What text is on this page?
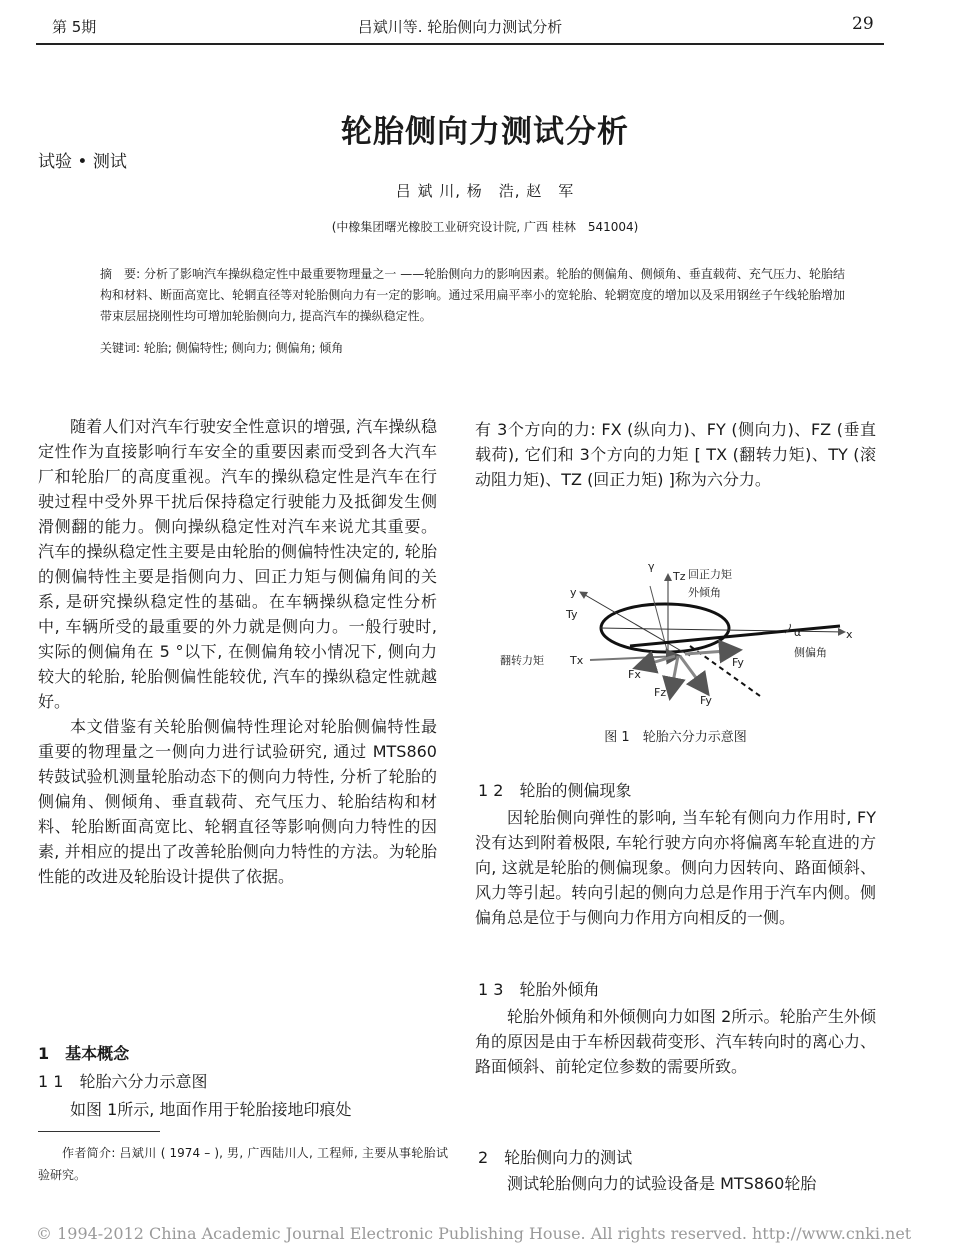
第 5期	吕斌川等. 轮胎侧向力测试分析	29
试验 • 测试
轮胎侧向力测试分析
吕 斌 川, 杨　浩, 赵　军
(中橡集团曙光橡胶工业研究设计院, 广西 桂林　541004)
摘　要: 分析了影响汽车操纵稳定性中最重要物理量之一 ——轮胎侧向力的影响因素。轮胎的侧偏角、侧倾角、垂直载荷、充气压力、轮胎结构和材料、断面高宽比、轮辋直径等对轮胎侧向力有一定的影响。通过采用扁平率小的宽轮胎、轮辋宽度的增加以及采用钢丝子午线轮胎增加带束层屈挠刚性均可增加轮胎侧向力, 提高汽车的操纵稳定性。
关键词: 轮胎; 侧偏特性; 侧向力; 侧偏角; 倾角

随着人们对汽车行驶安全性意识的增强, 汽车操纵稳定性作为直接影响行车安全的重要因素而受到各大汽车厂和轮胎厂的高度重视。汽车的操纵稳定性是汽车在行驶过程中受外界干扰后保持稳定行驶能力及抵御发生侧滑侧翻的能力。侧向操纵稳定性对汽车来说尤其重要。汽车的操纵稳定性主要是由轮胎的侧偏特性决定的, 轮胎的侧偏特性主要是指侧向力、回正力矩与侧偏角间的关系, 是研究操纵稳定性的基础。在车辆操纵稳定性分析中, 车辆所受的最重要的外力就是侧向力。一般行驶时, 实际的侧偏角在 5 °以下, 在侧偏角较小情况下, 侧向力较大的轮胎, 轮胎侧偏性能较优, 汽车的操纵稳定性就越好。

本文借鉴有关轮胎侧偏特性理论对轮胎侧偏特性最重要的物理量之一侧向力进行试验研究, 通过 MTS860转鼓试验机测量轮胎动态下的侧向力特性, 分析了轮胎的侧偏角、侧倾角、垂直载荷、充气压力、轮胎结构和材料、轮胎断面高宽比、轮辋直径等影响侧向力特性的因素, 并相应的提出了改善轮胎侧向力特性的方法。为轮胎性能的改进及轮胎设计提供了依据。

1　基本概念
1 1　轮胎六分力示意图

如图 1所示, 地面作用于轮胎接地印痕处

作者简介: 吕斌川 ( 1974 – ), 男, 广西陆川人, 工程师, 主要从事轮胎试验研究。

有 3个方向的力: FX (纵向力)、FY (侧向力)、FZ (垂直载荷), 它们和 3个方向的力矩 [ TX (翻转力矩)、TY (滚动阻力矩)、TZ (回正力矩) ]称为六分力。

Tz 回正力矩
外倾角
γ
y
Ty
x
α
侧偏角
翻转力矩 Tx
Fx
Fz
Fy
Fy
图 1　轮胎六分力示意图
1 2　轮胎的侧偏现象

因轮胎侧向弹性的影响, 当车轮有侧向力作用时, FY 没有达到附着极限, 车轮行驶方向亦将偏离车轮直进的方向, 这就是轮胎的侧偏现象。侧向力因转向、路面倾斜、风力等引起。转向引起的侧向力总是作用于汽车内侧。侧偏角总是位于与侧向力作用方向相反的一侧。

1 3　轮胎外倾角

轮胎外倾角和外倾侧向力如图 2所示。轮胎产生外倾角的原因是由于车桥因载荷变形、汽车转向时的离心力、路面倾斜、前轮定位参数的需要所致。

2　轮胎侧向力的测试

测试轮胎侧向力的试验设备是 MTS860轮胎

© 1994-2012 China Academic Journal Electronic Publishing House. All rights reserved. http://www.cnki.net
